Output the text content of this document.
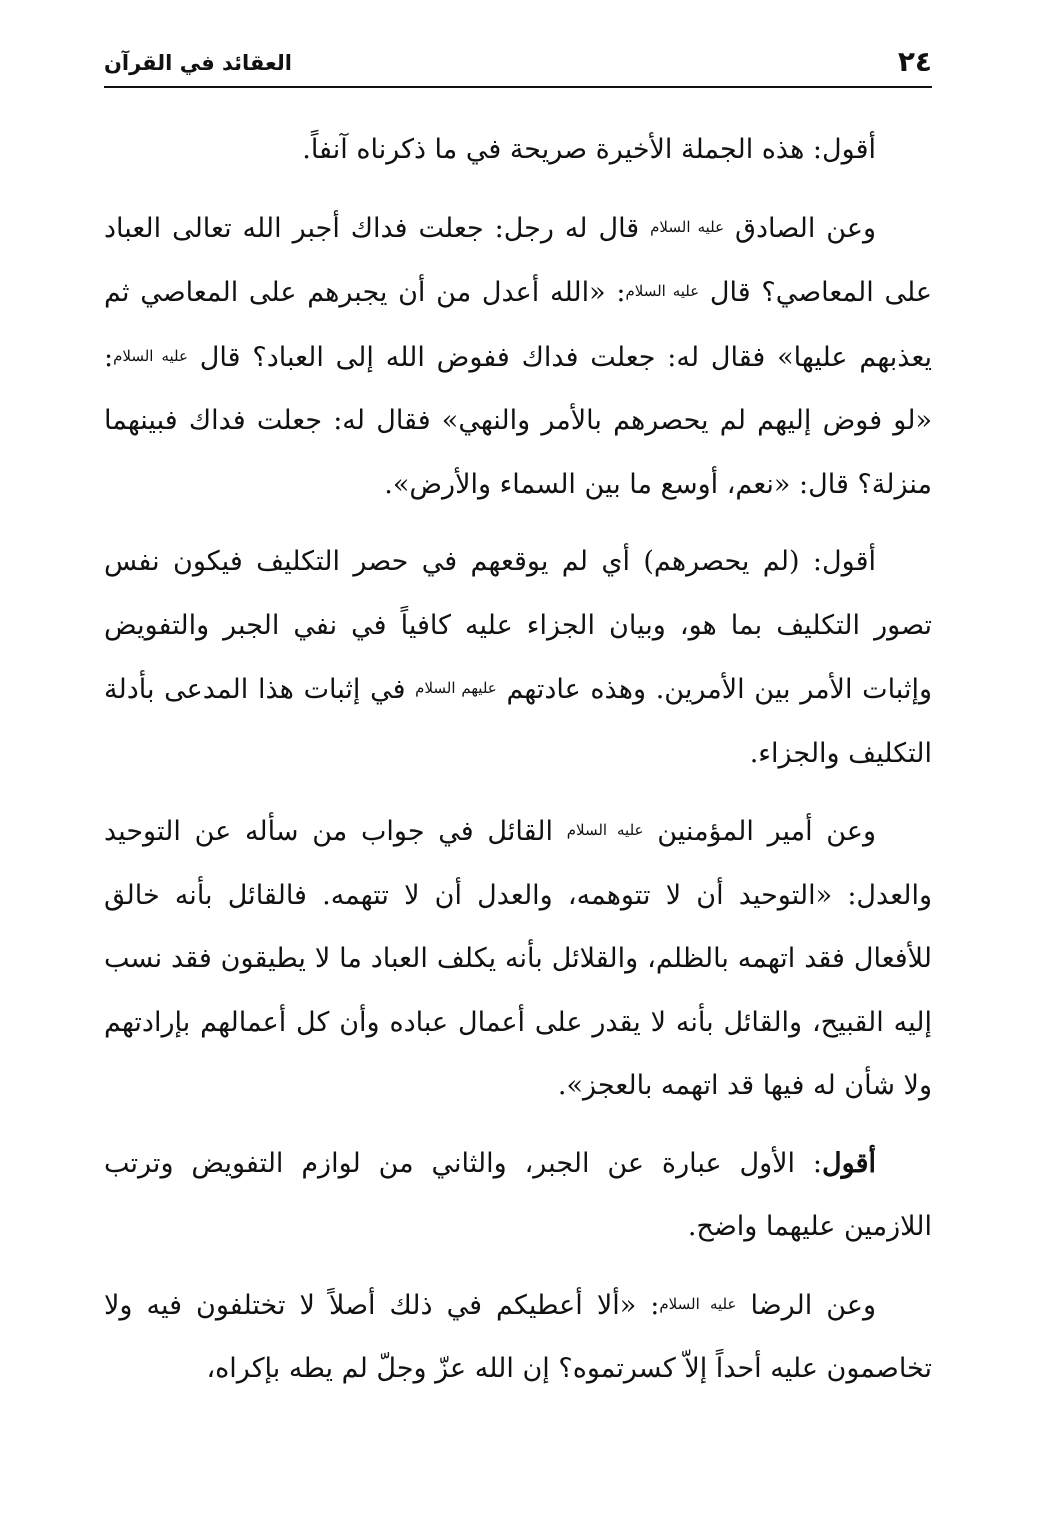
٢٤
العقائد في القرآن

أقول: هذه الجملة الأخيرة صريحة في ما ذكرناه آنفاً.

وعن الصادق عليه السلام قال له رجل: جعلت فداك أجبر الله تعالى العباد على المعاصي؟ قال عليه السلام: «الله أعدل من أن يجبرهم على المعاصي ثم يعذبهم عليها» فقال له: جعلت فداك ففوض الله إلى العباد؟ قال عليه السلام: «لو فوض إليهم لم يحصرهم بالأمر والنهي» فقال له: جعلت فداك فبينهما منزلة؟ قال: «نعم، أوسع ما بين السماء والأرض».

أقول: (لم يحصرهم) أي لم يوقعهم في حصر التكليف فيكون نفس تصور التكليف بما هو، وبيان الجزاء عليه كافياً في نفي الجبر والتفويض وإثبات الأمر بين الأمرين. وهذه عادتهم عليهم السلام في إثبات هذا المدعى بأدلة التكليف والجزاء.

وعن أمير المؤمنين عليه السلام القائل في جواب من سأله عن التوحيد والعدل: «التوحيد أن لا تتوهمه، والعدل أن لا تتهمه. فالقائل بأنه خالق للأفعال فقد اتهمه بالظلم، والقلائل بأنه يكلف العباد ما لا يطيقون فقد نسب إليه القبيح، والقائل بأنه لا يقدر على أعمال عباده وأن كل أعمالهم بإرادتهم ولا شأن له فيها قد اتهمه بالعجز».

أقول: الأول عبارة عن الجبر، والثاني من لوازم التفويض وترتب اللازمين عليهما واضح.

وعن الرضا عليه السلام: «ألا أعطيكم في ذلك أصلاً لا تختلفون فيه ولا تخاصمون عليه أحداً إلاّ كسرتموه؟ إن الله عزّ وجلّ لم يطه بإكراه،
